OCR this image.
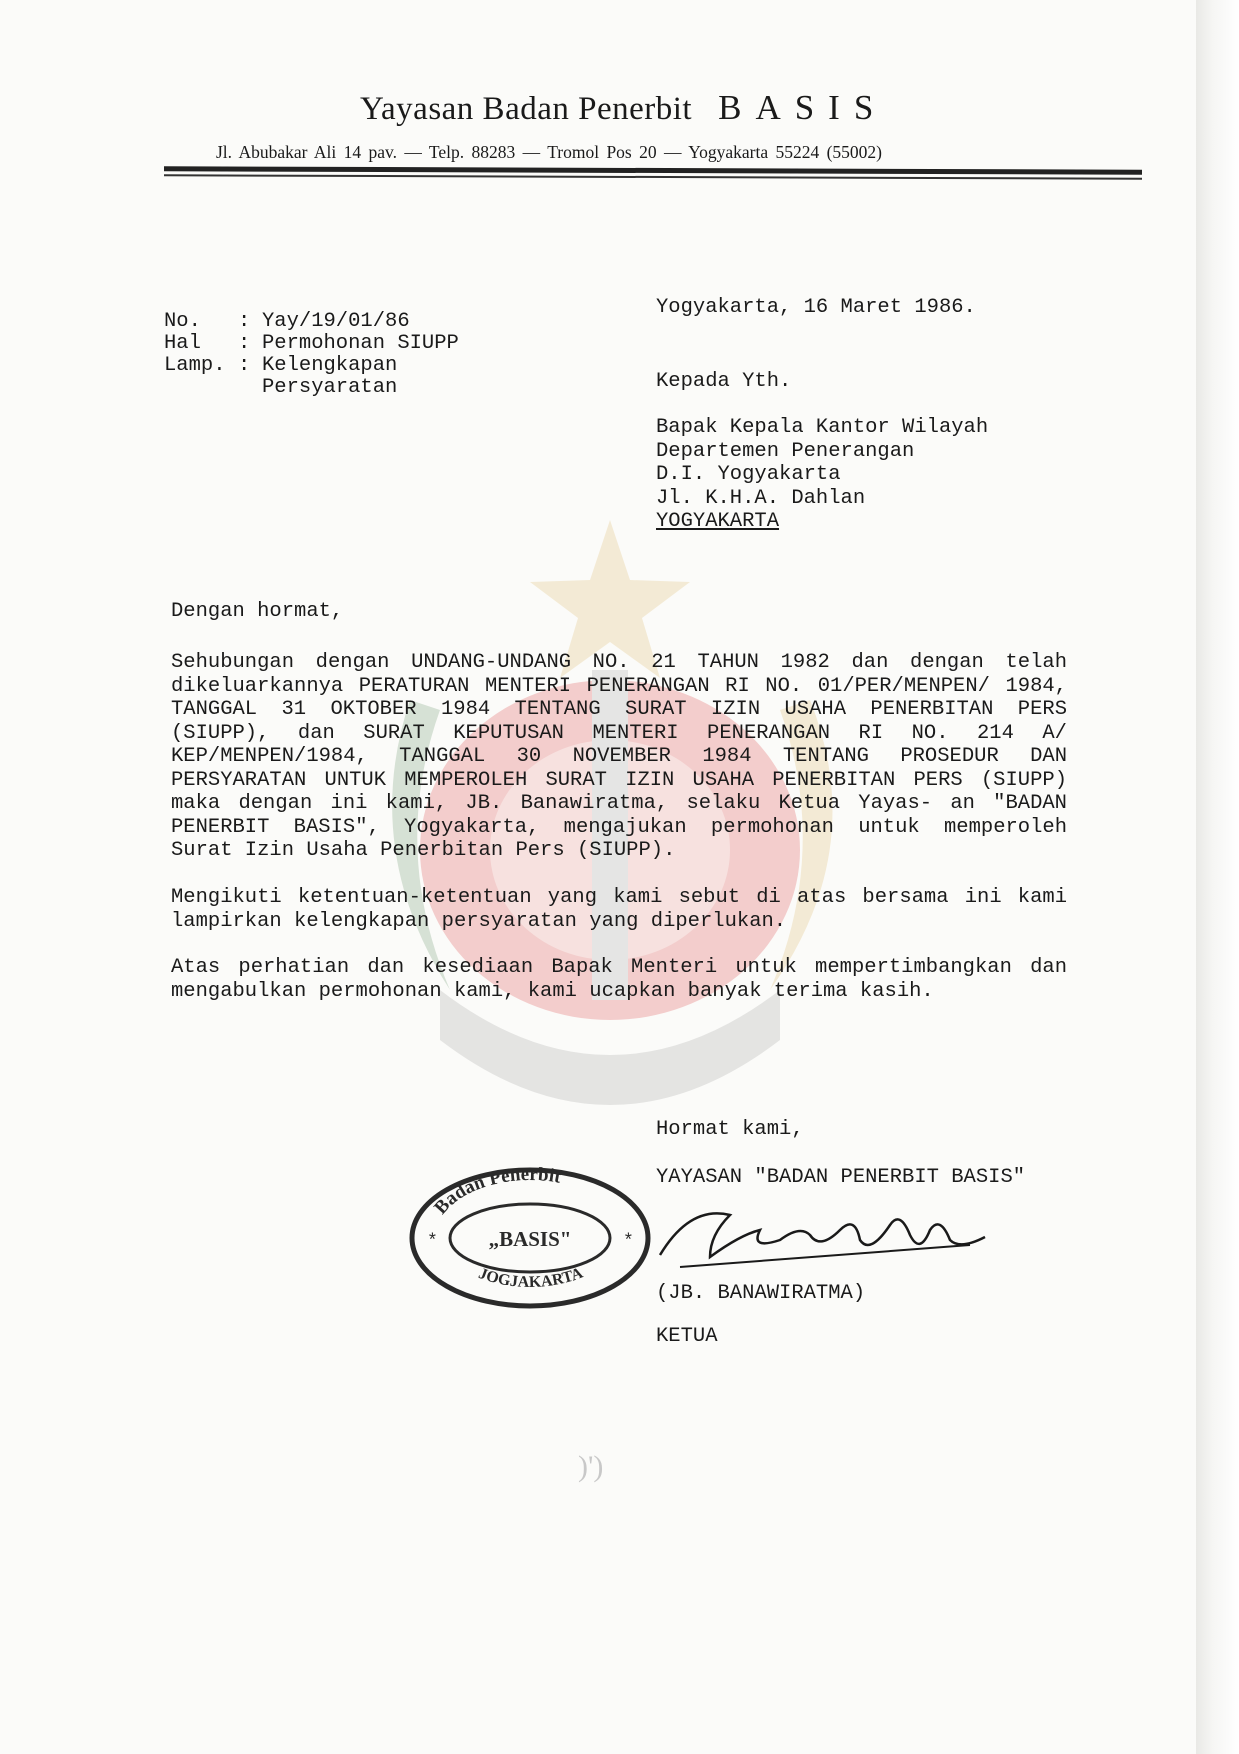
Yayasan Badan Penerbit BASIS
Jl. Abubakar Ali 14 pav. — Telp. 88283 — Tromol Pos 20 — Yogyakarta 55224 (55002)
No.	: Yay/19/01/86
Hal	: Permohonan SIUPP
Lamp. : Kelengkapan
Persyaratan
Yogyakarta, 16 Maret 1986.
Kepada Yth.
Bapak Kepala Kantor Wilayah
Departemen Penerangan
D.I. Yogyakarta
Jl. K.H.A. Dahlan
YOGYAKARTA
Dengan hormat,
Sehubungan dengan UNDANG-UNDANG NO. 21 TAHUN 1982 dan dengan telah dikeluarkannya PERATURAN MENTERI PENERANGAN RI NO. 01/PER/MENPEN/ 1984, TANGGAL 31 OKTOBER 1984 TENTANG SURAT IZIN USAHA PENERBITAN PERS (SIUPP), dan SURAT KEPUTUSAN MENTERI PENERANGAN RI NO. 214 A/ KEP/MENPEN/1984, TANGGAL 30 NOVEMBER 1984 TENTANG PROSEDUR DAN PERSYARATAN UNTUK MEMPEROLEH SURAT IZIN USAHA PENERBITAN PERS (SIUPP) maka dengan ini kami, JB. Banawiratma, selaku Ketua Yayas- an "BADAN PENERBIT BASIS", Yogyakarta, mengajukan permohonan untuk memperoleh Surat Izin Usaha Penerbitan Pers (SIUPP).
Mengikuti ketentuan-ketentuan yang kami sebut di atas bersama ini kami lampirkan kelengkapan persyaratan yang diperlukan.
Atas perhatian dan kesediaan Bapak Menteri untuk mempertimbangkan dan mengabulkan permohonan kami, kami ucapkan banyak terima kasih.
Hormat kami,
YAYASAN "BADAN PENERBIT BASIS"
Badan Penerbit
„BASIS"
JOGJAKARTA
*	*
(JB. BANAWIRATMA)
KETUA
)')
